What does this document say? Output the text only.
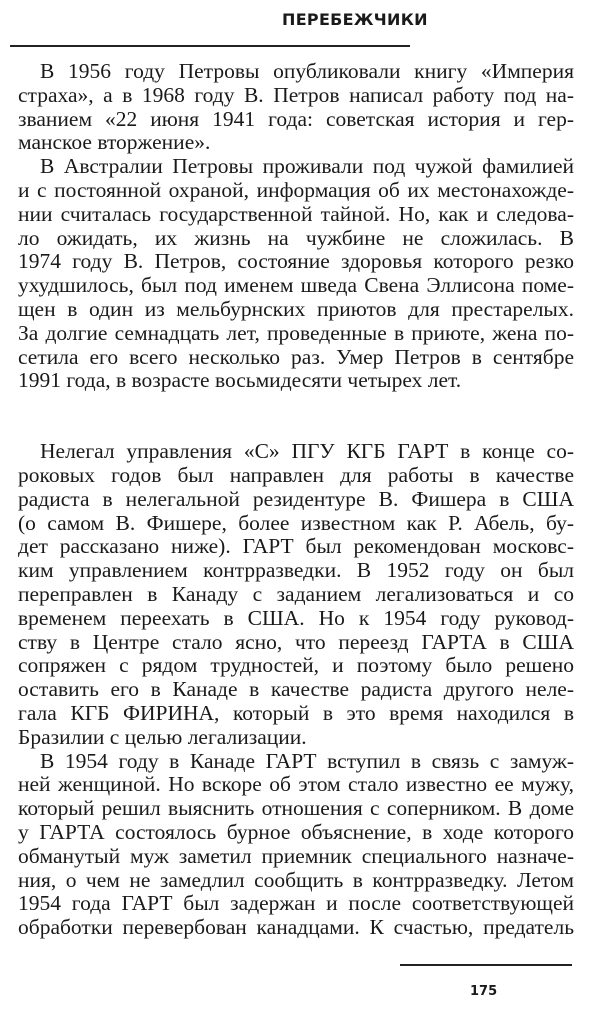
ПЕРЕБЕЖЧИКИ
В 1956 году Петровы опубликовали книгу «Империя
страха», а в 1968 году В. Петров написал работу под на-
званием «22 июня 1941 года: советская история и гер-
манское вторжение».
В Австралии Петровы проживали под чужой фамилией
и с постоянной охраной, информация об их местонахожде-
нии считалась государственной тайной. Но, как и следова-
ло ожидать, их жизнь на чужбине не сложилась. В
1974 году В. Петров, состояние здоровья которого резко
ухудшилось, был под именем шведа Свена Эллисона поме-
щен в один из мельбурнских приютов для престарелых.
За долгие семнадцать лет, проведенные в приюте, жена по-
сетила его всего несколько раз. Умер Петров в сентябре
1991 года, в возрасте восьмидесяти четырех лет.
Нелегал управления «С» ПГУ КГБ ГАРТ в конце со-
роковых годов был направлен для работы в качестве
радиста в нелегальной резидентуре В. Фишера в США
(о самом В. Фишере, более известном как Р. Абель, бу-
дет рассказано ниже). ГАРТ был рекомендован московс-
ким управлением контрразведки. В 1952 году он был
переправлен в Канаду с заданием легализоваться и со
временем переехать в США. Но к 1954 году руковод-
ству в Центре стало ясно, что переезд ГАРТА в США
сопряжен с рядом трудностей, и поэтому было решено
оставить его в Канаде в качестве радиста другого неле-
гала КГБ ФИРИНА, который в это время находился в
Бразилии с целью легализации.
В 1954 году в Канаде ГАРТ вступил в связь с замуж-
ней женщиной. Но вскоре об этом стало известно ее мужу,
который решил выяснить отношения с соперником. В доме
у ГАРТА состоялось бурное объяснение, в ходе которого
обманутый муж заметил приемник специального назначе-
ния, о чем не замедлил сообщить в контрразведку. Летом
1954 года ГАРТ был задержан и после соответствующей
обработки перевербован канадцами. К счастью, предатель
175
